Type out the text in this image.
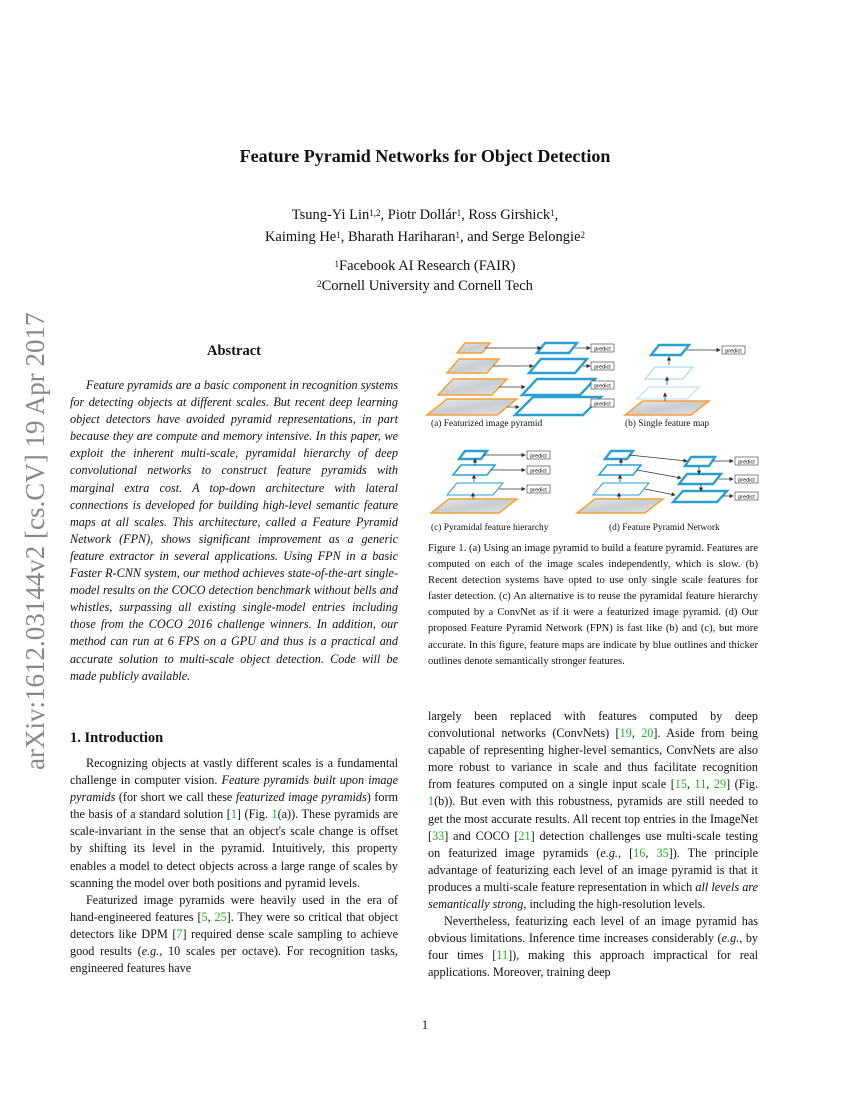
Feature Pyramid Networks for Object Detection
Tsung-Yi Lin$^{1,2}$, Piotr Dollár$^1$, Ross Girshick$^1$,
Kaiming He$^1$, Bharath Hariharan$^1$, and Serge Belongie$^2$
$^1$Facebook AI Research (FAIR)
$^2$Cornell University and Cornell Tech
arXiv:1612.03144v2 [cs.CV] 19 Apr 2017	Abstract

Feature pyramids are a basic component in recognition systems for detecting objects at different scales. But recent deep learning object detectors have avoided pyramid representations, in part because they are compute and memory intensive. In this paper, we exploit the inherent multi-scale, pyramidal hierarchy of deep convolutional networks to construct feature pyramids with marginal extra cost. A top-down architecture with lateral connections is developed for building high-level semantic feature maps at all scales. This architecture, called a Feature Pyramid Network (FPN), shows significant improvement as a generic feature extractor in several applications. Using FPN in a basic Faster R-CNN system, our method achieves state-of-the-art single-model results on the COCO detection benchmark without bells and whistles, surpassing all existing single-model entries including those from the COCO 2016 challenge winners. In addition, our method can run at 6 FPS on a GPU and thus is a practical and accurate solution to multi-scale object detection. Code will be made publicly available.

1. Introduction

Recognizing objects at vastly different scales is a fundamental challenge in computer vision. Feature pyramids built upon image pyramids (for short we call these featurized image pyramids) form the basis of a standard solution [1] (Fig. 1(a)). These pyramids are scale-invariant in the sense that an object's scale change is offset by shifting its level in the pyramid. Intuitively, this property enables a model to detect objects across a large range of scales by scanning the model over both positions and pyramid levels.

Featurized image pyramids were heavily used in the era of hand-engineered features [5, 25]. They were so critical that object detectors like DPM [7] required dense scale sampling to achieve good results (e.g., 10 scales per octave). For recognition tasks, engineered features have

largely been replaced with features computed by deep convolutional networks (ConvNets) [19, 20]. Aside from being capable of representing higher-level semantics, ConvNets are also more robust to variance in scale and thus facilitate recognition from features computed on a single input scale [15, 11, 29] (Fig. 1(b)). But even with this robustness, pyramids are still needed to get the most accurate results. All recent top entries in the ImageNet [33] and COCO [21] detection challenges use multi-scale testing on featurized image pyramids (e.g., [16, 35]). The principle advantage of featurizing each level of an image pyramid is that it produces a multi-scale feature representation in which all levels are semantically strong, including the high-resolution levels.

Nevertheless, featurizing each level of an image pyramid has obvious limitations. Inference time increases considerably (e.g., by four times [11]), making this approach impractical for real applications. Moreover, training deep

predict
predict
predict
predict
predict
predict
predict
predict
predict
predict
predict
(a) Featurized image pyramid	(b) Single feature map
(c) Pyramidal feature hierarchy	(d) Feature Pyramid Network
Figure 1. (a) Using an image pyramid to build a feature pyramid. Features are computed on each of the image scales independently, which is slow. (b) Recent detection systems have opted to use only single scale features for faster detection. (c) An alternative is to reuse the pyramidal feature hierarchy computed by a ConvNet as if it were a featurized image pyramid. (d) Our proposed Feature Pyramid Network (FPN) is fast like (b) and (c), but more accurate. In this figure, feature maps are indicate by blue outlines and thicker outlines denote semantically stronger features.
1
